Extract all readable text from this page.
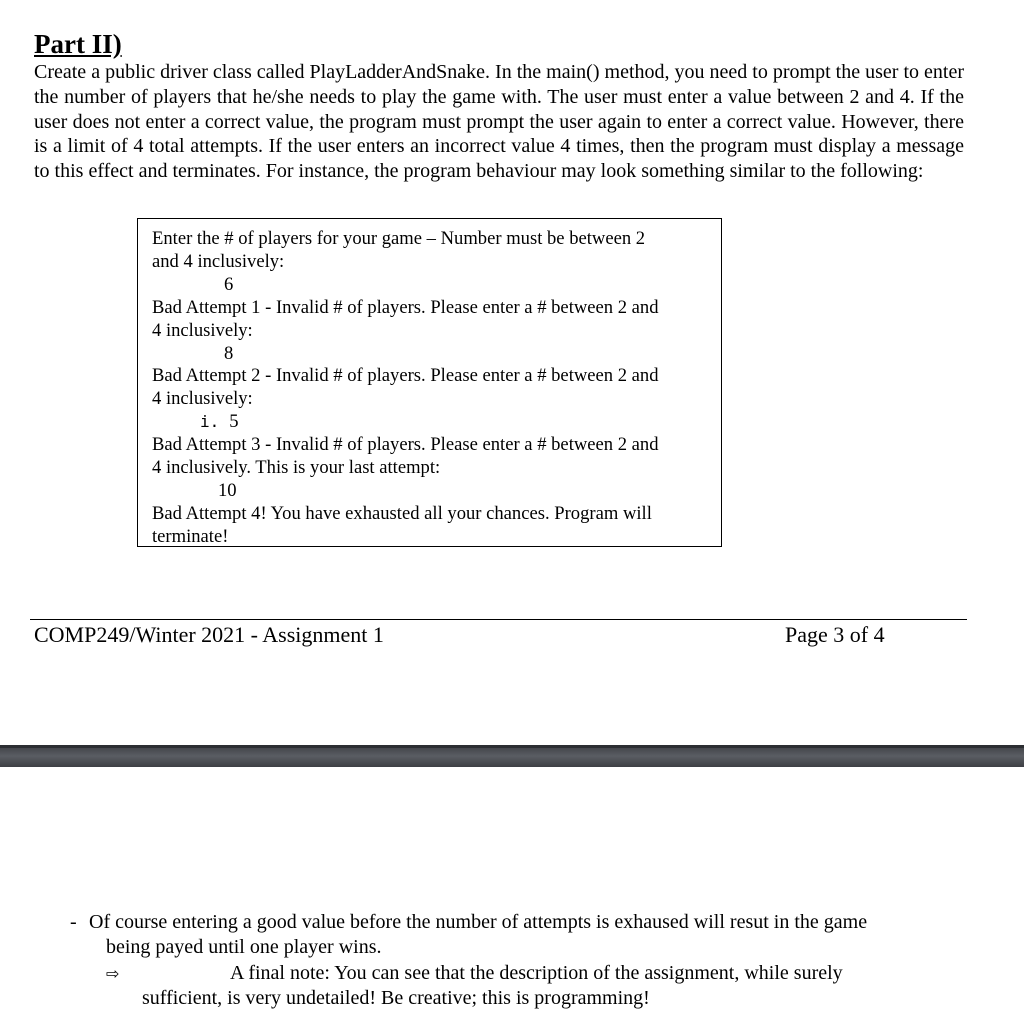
Part II)
Create a public driver class called PlayLadderAndSnake. In the main() method, you need to prompt the user to enter the number of players that he/she needs to play the game with. The user must enter a value between 2 and 4. If the user does not enter a correct value, the program must prompt the user again to enter a correct value. However, there is a limit of 4 total attempts. If the user enters an incorrect value 4 times, then the program must display a message to this effect and terminates. For instance, the program behaviour may look something similar to the following:
Enter the # of players for your game – Number must be between 2
and 4 inclusively:
6
Bad Attempt 1 - Invalid # of players. Please enter a # between 2 and
4 inclusively:
8
Bad Attempt 2 - Invalid # of players. Please enter a # between 2 and
4 inclusively:
i. 5
Bad Attempt 3 - Invalid # of players. Please enter a # between 2 and
4 inclusively. This is your last attempt:
10
Bad Attempt 4! You have exhausted all your chances. Program will
terminate!
COMP249/Winter 2021 - Assignment 1	Page 3 of 4
- Of course entering a good value before the number of attempts is exhaused will resut in the game
being payed until one player wins.
⇨	A final note: You can see that the description of the assignment, while surely
sufficient, is very undetailed! Be creative; this is programming!
